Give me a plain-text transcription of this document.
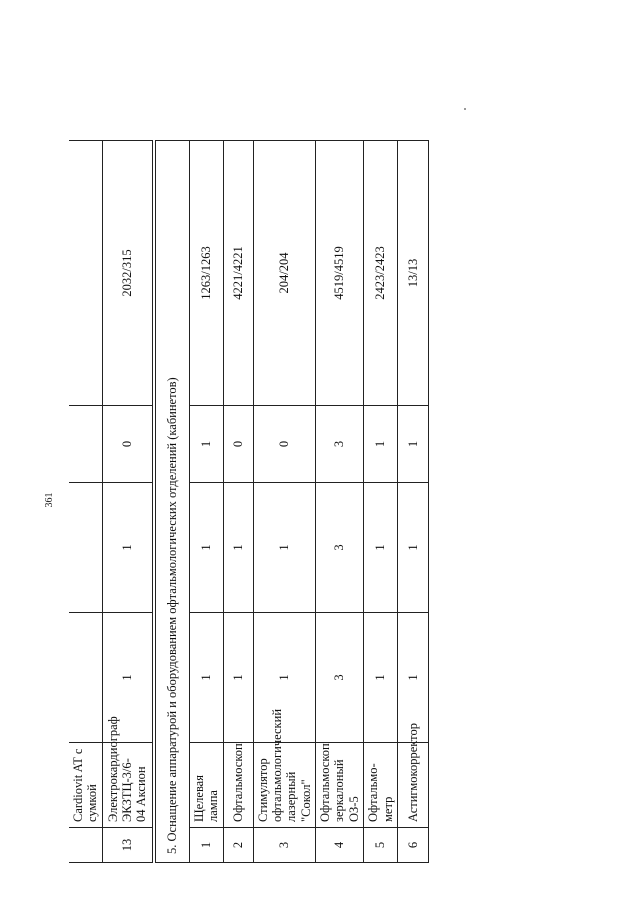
361
	Cardiovit AT с сумкой				
13	Электрокардиограф ЭКЗТЦ-3/6-04 Аксион	1	1	0	2032/315

5. Оснащение аппаратурой и оборудованием офтальмологических отделений (кабинетов)					
1	Щелевая лампа	1	1	1	1263/1263
2	Офтальмоскоп	1	1	0	4221/4221
3	Стимулятор офтальмологический лазерный "Сокол"	1	1	0	204/204
4	Офтальмоскоп зеркалоный ОЗ-5	3	3	3	4519/4519
5	Офтальмо-метр	1	1	1	2423/2423
6	Астигмокорректор	1	1	1	13/13
